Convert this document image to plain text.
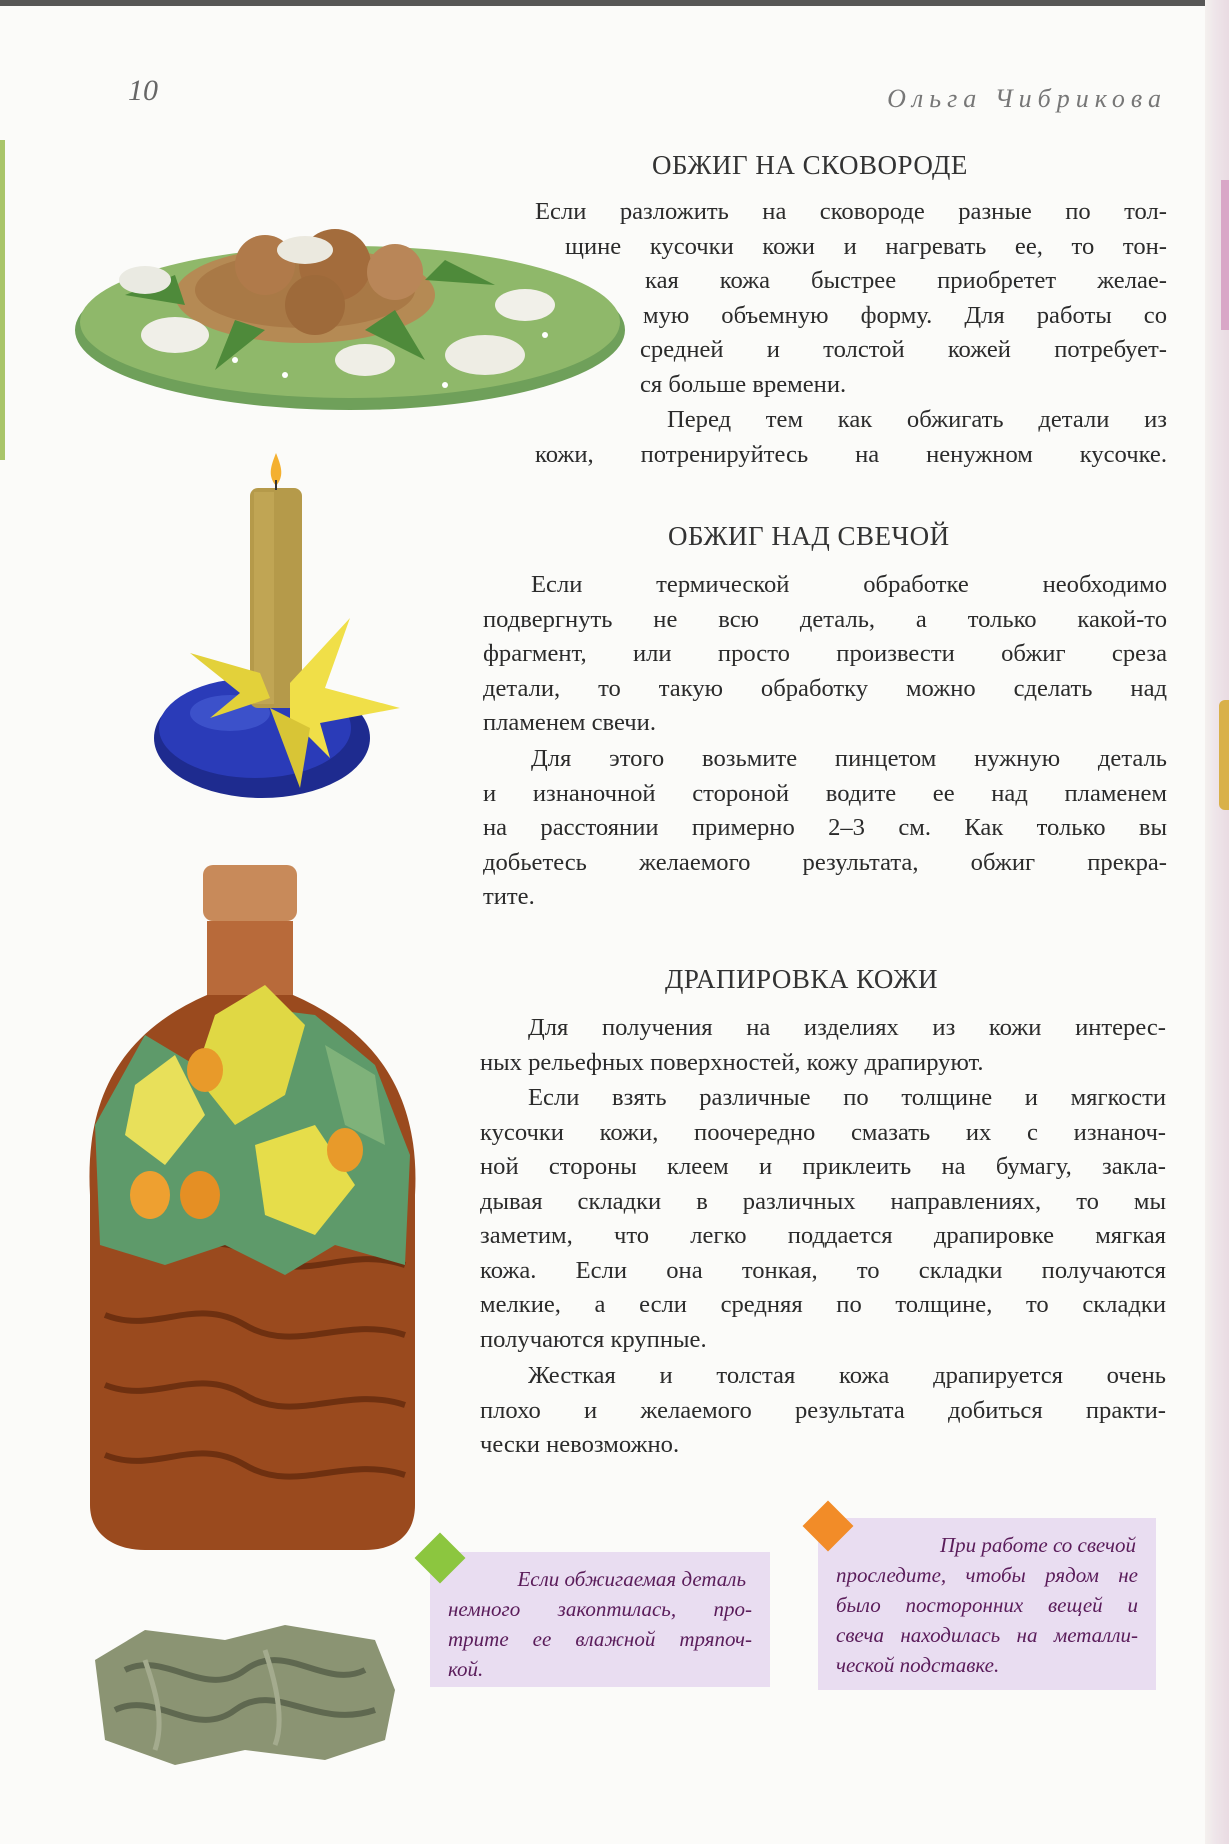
10	Ольга Чибрикова
ОБЖИГ НА СКОВОРОДЕ
Если разложить на сковороде разные по тол-
щине кусочки кожи и нагревать ее, то тон-
кая кожа быстрее приобретет желае-
мую объемную форму. Для работы со
средней и толстой кожей потребует-
ся больше времени.
Перед тем как обжигать детали из
кожи, потренируйтесь на ненужном кусочке.
ОБЖИГ НАД СВЕЧОЙ
Если термической обработке необходимо
подвергнуть не всю деталь, а только какой-то
фрагмент, или просто произвести обжиг среза
детали, то такую обработку можно сделать над
пламенем свечи.
Для этого возьмите пинцетом нужную деталь
и изнаночной стороной водите ее над пламенем
на расстоянии примерно 2–3 см. Как только вы
добьетесь желаемого результата, обжиг прекра-
тите.
ДРАПИРОВКА КОЖИ
Для получения на изделиях из кожи интерес-
ных рельефных поверхностей, кожу драпируют.
Если взять различные по толщине и мягкости
кусочки кожи, поочередно смазать их с изнаноч-
ной стороны клеем и приклеить на бумагу, закла-
дывая складки в различных направлениях, то мы
заметим, что легко поддается драпировке мягкая
кожа. Если она тонкая, то складки получаются
мелкие, а если средняя по толщине, то складки
получаются крупные.
Жесткая и толстая кожа драпируется очень
плохо и желаемого результата добиться практи-
чески невозможно.
Если обжигаемая деталь
немного закоптилась, про-
трите ее влажной тряпоч-
кой.
При работе со свечой
проследите, чтобы рядом не
было посторонних вещей и
свеча находилась на металли-
ческой подставке.
